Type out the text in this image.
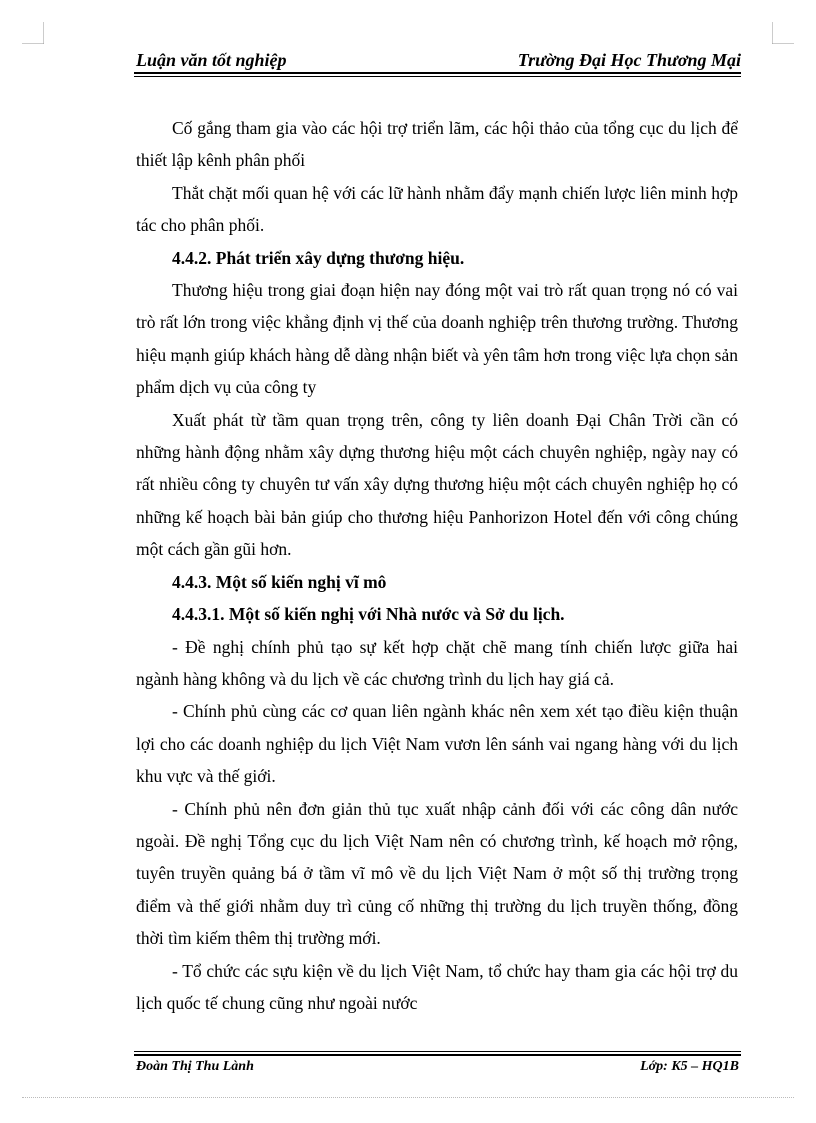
Luận văn tốt nghiệp	Trường Đại Học Thương Mại

Cố gắng tham gia vào các hội trợ triển lãm, các hội thảo của tổng cục du lịch để thiết lập kênh phân phối

Thắt chặt mối quan hệ với các lữ hành nhằm đẩy mạnh chiến lược liên minh hợp tác cho phân phối.

4.4.2. Phát triển xây dựng thương hiệu.

Thương hiệu trong giai đoạn hiện nay đóng một vai trò rất quan trọng nó có vai trò rất lớn trong việc khẳng định vị thế của doanh nghiệp trên thương trường. Thương hiệu mạnh giúp khách hàng dễ dàng nhận biết và yên tâm hơn trong việc lựa chọn sản phẩm dịch vụ của công ty

Xuất phát từ tầm quan trọng trên, công ty liên doanh Đại Chân Trời cần có những hành động nhằm xây dựng thương hiệu một cách chuyên nghiệp, ngày nay có rất nhiều công ty chuyên tư vấn xây dựng thương hiệu một cách chuyên nghiệp họ có những kế hoạch bài bản giúp cho thương hiệu Panhorizon Hotel đến với công chúng một cách gần gũi hơn.

4.4.3. Một số kiến nghị vĩ mô

4.4.3.1. Một số kiến nghị với Nhà nước và Sở du lịch.

- Đề nghị chính phủ tạo sự kết hợp chặt chẽ mang tính chiến lược giữa hai ngành hàng không và du lịch về các chương trình du lịch hay giá cả.

- Chính phủ cùng các cơ quan liên ngành khác nên xem xét tạo điều kiện thuận lợi cho các doanh nghiệp du lịch Việt Nam vươn lên sánh vai ngang hàng với du lịch khu vực và thế giới.

- Chính phủ nên đơn giản thủ tục xuất nhập cảnh đối với các công dân nước ngoài. Đề nghị Tổng cục du lịch Việt Nam nên có chương trình, kế hoạch mở rộng, tuyên truyền quảng bá ở tầm vĩ mô về du lịch Việt Nam ở một số thị trường trọng điểm và thế giới nhằm duy trì củng cố những thị trường du lịch truyền thống, đồng thời tìm kiếm thêm thị trường mới.

- Tổ chức các sựu kiện về du lịch Việt Nam, tổ chức hay tham gia các hội trợ du lịch quốc tế chung cũng như ngoài nước

Đoàn Thị Thu Lành	Lớp: K5 – HQ1B
